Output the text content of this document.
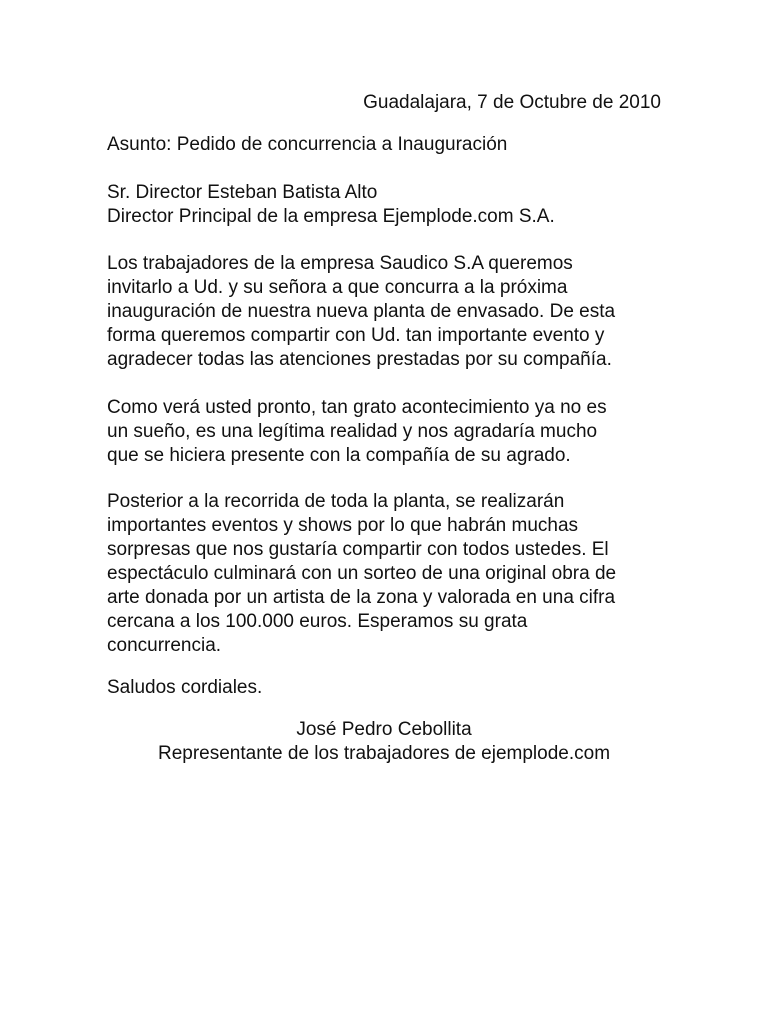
Guadalajara, 7 de Octubre de 2010
Asunto: Pedido de concurrencia a Inauguración
Sr. Director Esteban Batista Alto
Director Principal de la empresa Ejemplode.com S.A.
Los trabajadores de la empresa Saudico S.A queremos
invitarlo a Ud. y su señora a que concurra a la próxima
inauguración de nuestra nueva planta de envasado. De esta
forma queremos compartir con Ud. tan importante evento y
agradecer todas las atenciones prestadas por su compañía.
Como verá usted pronto, tan grato acontecimiento ya no es
un sueño, es una legítima realidad y nos agradaría mucho
que se hiciera presente con la compañía de su agrado.
Posterior a la recorrida de toda la planta, se realizarán
importantes eventos y shows por lo que habrán muchas
sorpresas que nos gustaría compartir con todos ustedes. El
espectáculo culminará con un sorteo de una original obra de
arte donada por un artista de la zona y valorada en una cifra
cercana a los 100.000 euros. Esperamos su grata
concurrencia.
Saludos cordiales.
José Pedro Cebollita
Representante de los trabajadores de ejemplode.com
